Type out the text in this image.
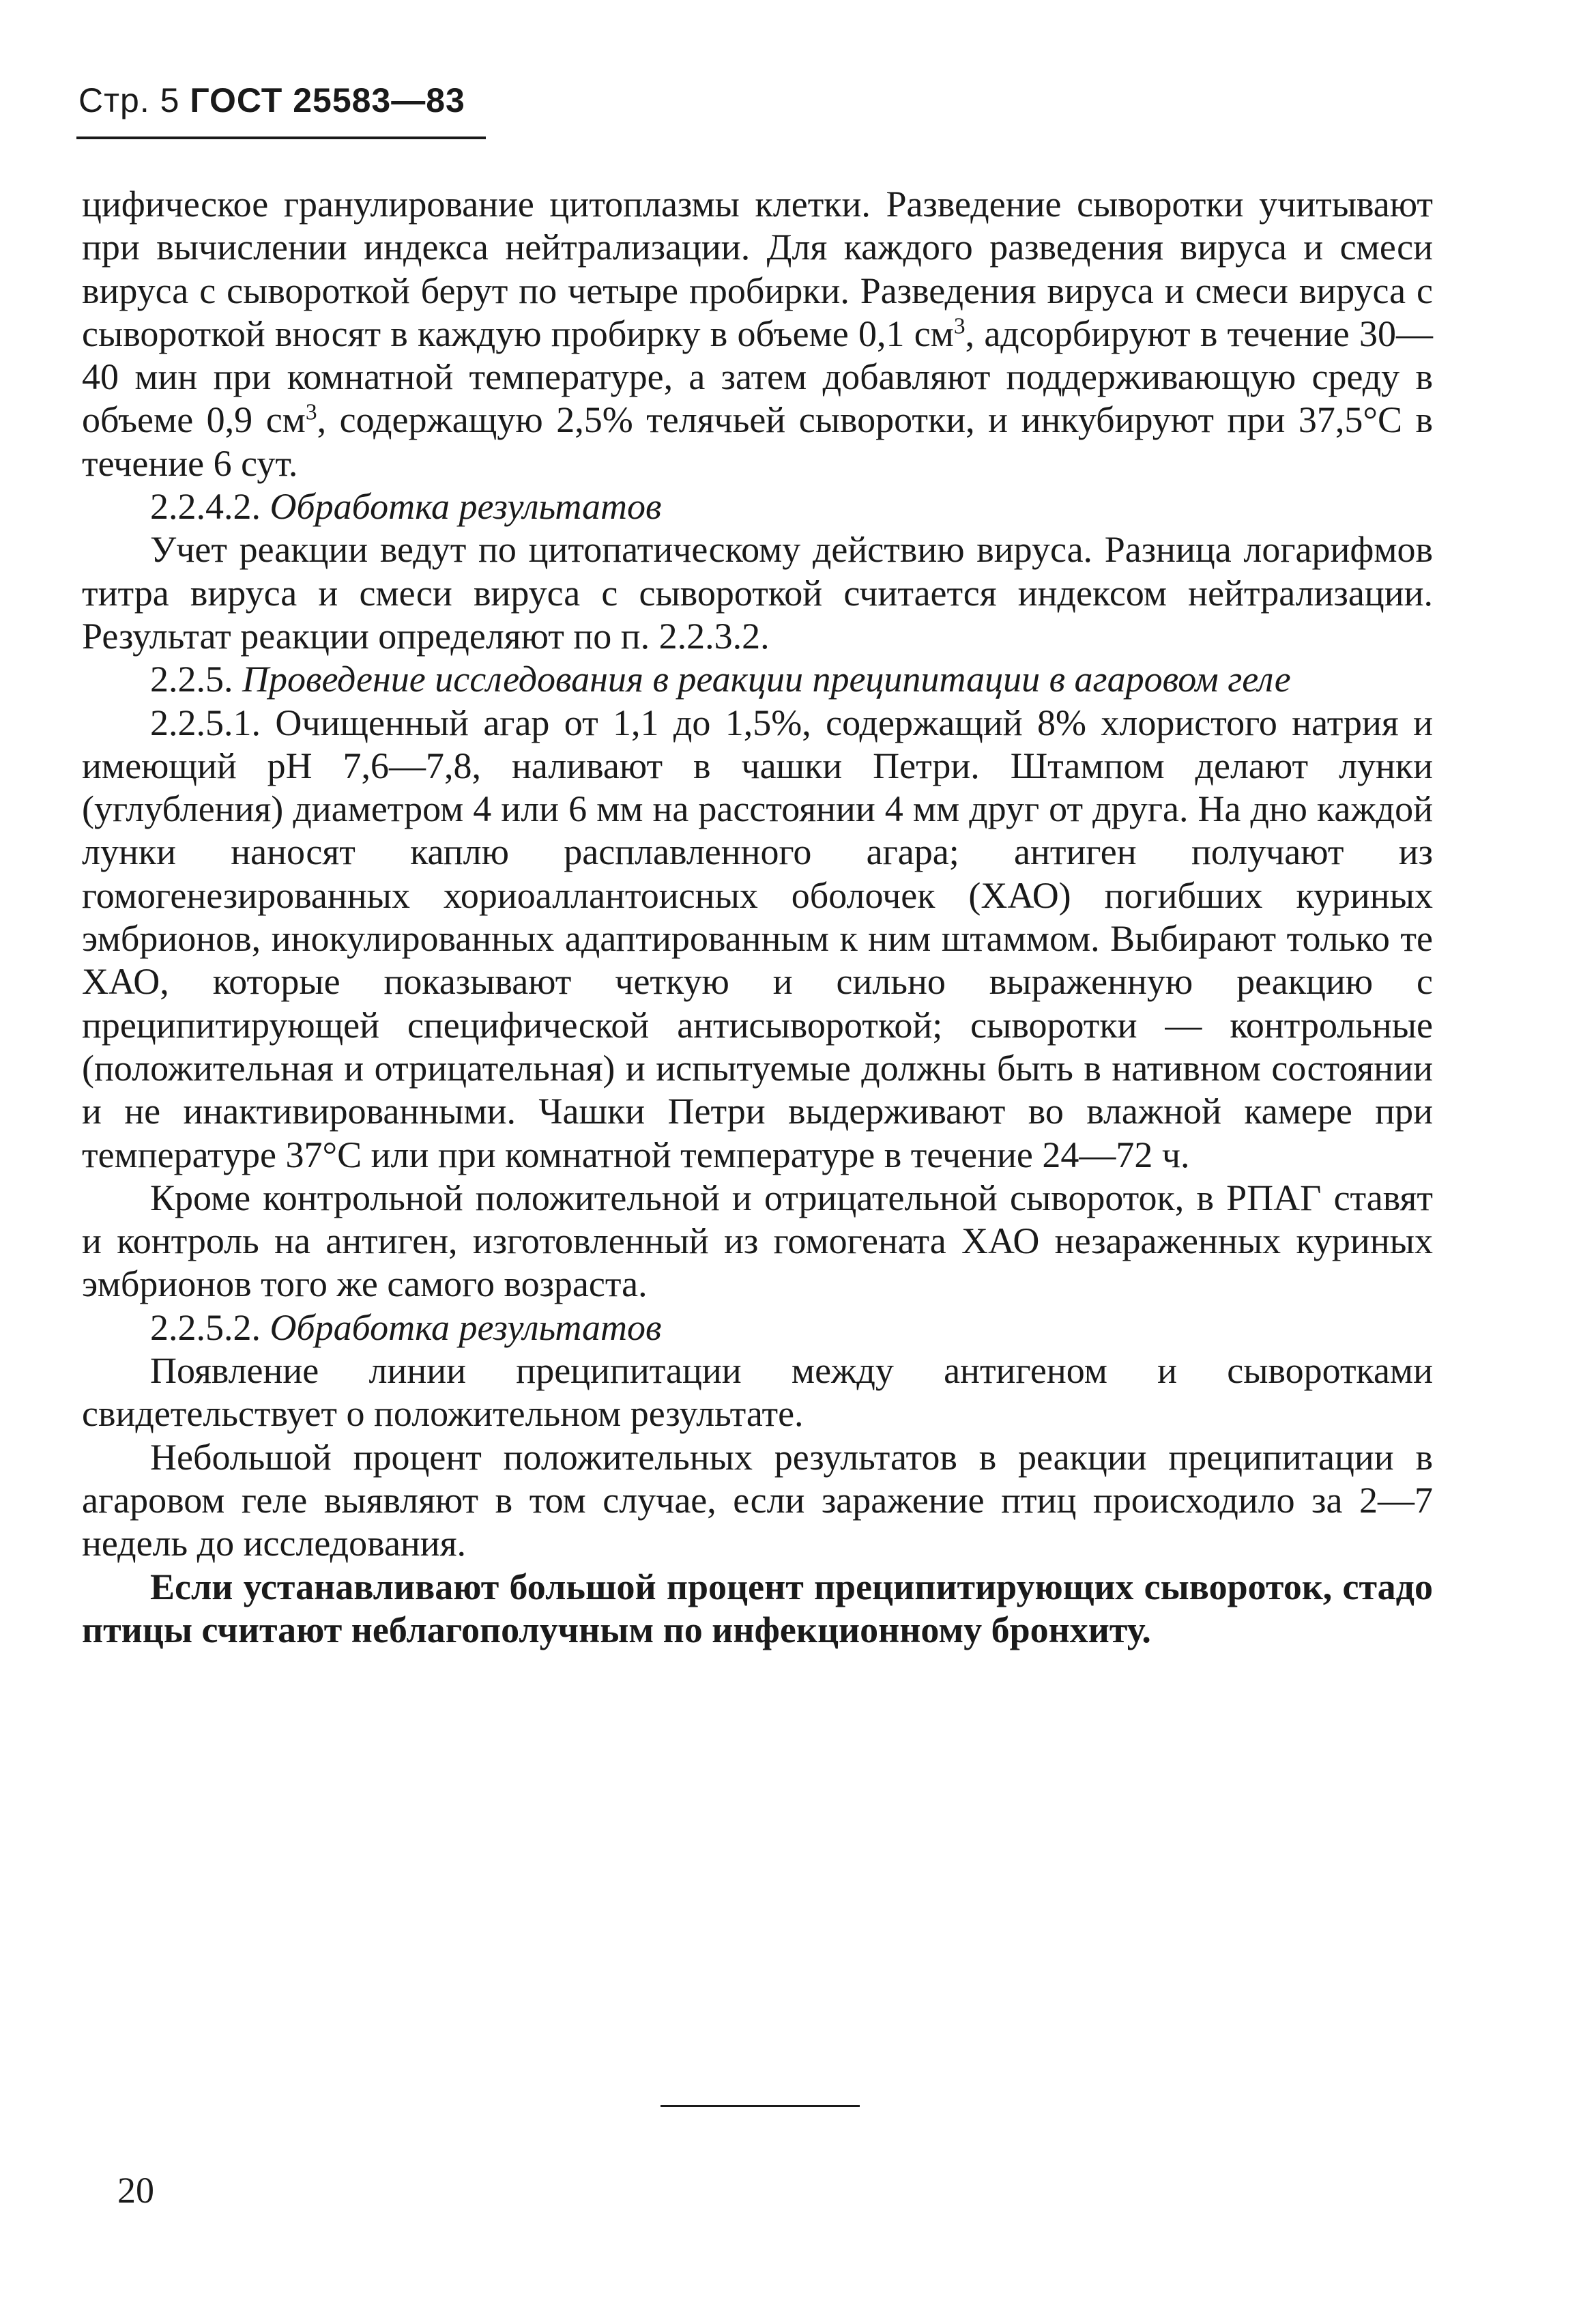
Стр. 5 ГОСТ 25583—83

цифическое гранулирование цитоплазмы клетки. Разведение сыворотки учитывают при вычислении индекса нейтрализации. Для каждого разведения вируса и смеси вируса с сывороткой берут по четыре пробирки. Разведения вируса и смеси вируса с сывороткой вносят в каждую пробирку в объеме 0,1 $см^3$, адсорбируют в течение 30—40 мин при комнатной температуре, а затем добавляют поддерживающую среду в объеме 0,9 $см^3$, содержащую 2,5% телячьей сыворотки, и инкубируют при 37,5°С в течение 6 сут.

2.2.4.2. Обработка результатов

Учет реакции ведут по цитопатическому действию вируса. Разница логарифмов титра вируса и смеси вируса с сывороткой считается индексом нейтрализации. Результат реакции определяют по п. 2.2.3.2.

2.2.5. Проведение исследования в реакции преципитации в агаровом геле

2.2.5.1. Очищенный агар от 1,1 до 1,5%, содержащий 8% хлористого натрия и имеющий рН 7,6—7,8, наливают в чашки Петри. Штампом делают лунки (углубления) диаметром 4 или 6 мм на расстоянии 4 мм друг от друга. На дно каждой лунки наносят каплю расплавленного агара; антиген получают из гомогенезированных хориоаллантоисных оболочек (ХАО) погибших куриных эмбрионов, инокулированных адаптированным к ним штаммом. Выбирают только те ХАО, которые показывают четкую и сильно выраженную реакцию с преципитирующей специфической антисывороткой; сыворотки — контрольные (положительная и отрицательная) и испытуемые должны быть в нативном состоянии и не инактивированными. Чашки Петри выдерживают во влажной камере при температуре 37°С или при комнатной температуре в течение 24—72 ч.

Кроме контрольной положительной и отрицательной сывороток, в РПАГ ставят и контроль на антиген, изготовленный из гомогената ХАО незараженных куриных эмбрионов того же самого возраста.

2.2.5.2. Обработка результатов

Появление линии преципитации между антигеном и сыворотками свидетельствует о положительном результате.

Небольшой процент положительных результатов в реакции преципитации в агаровом геле выявляют в том случае, если заражение птиц происходило за 2—7 недель до исследования.

Если устанавливают большой процент преципитирующих сывороток, стадо птицы считают неблагополучным по инфекционному бронхиту.

20
